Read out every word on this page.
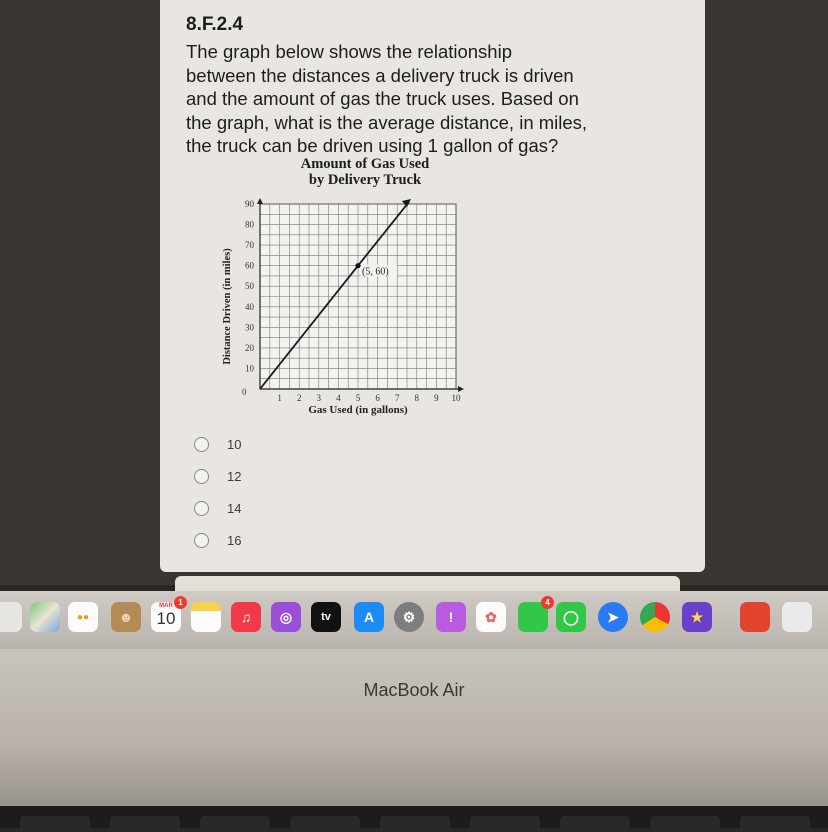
8.F.2.4
The graph below shows the relationship
between the distances a delivery truck is driven
and the amount of gas the truck uses. Based on
the graph, what is the average distance, in miles,
the truck can be driven using 1 gallon of gas?
Amount of Gas Used
by Delivery Truck
1 2 3 4 5 6 7 8 9 10
10
20
30
40
50
60
70
80
90
0
Gas Used (in gallons)
Distance Driven (in miles)	(5, 60)
10
12
14
16
●● ☻
MAR
10
1
♫	◎	tv	A	⚙	!	✿
4
◯	➤	★
MacBook Air
